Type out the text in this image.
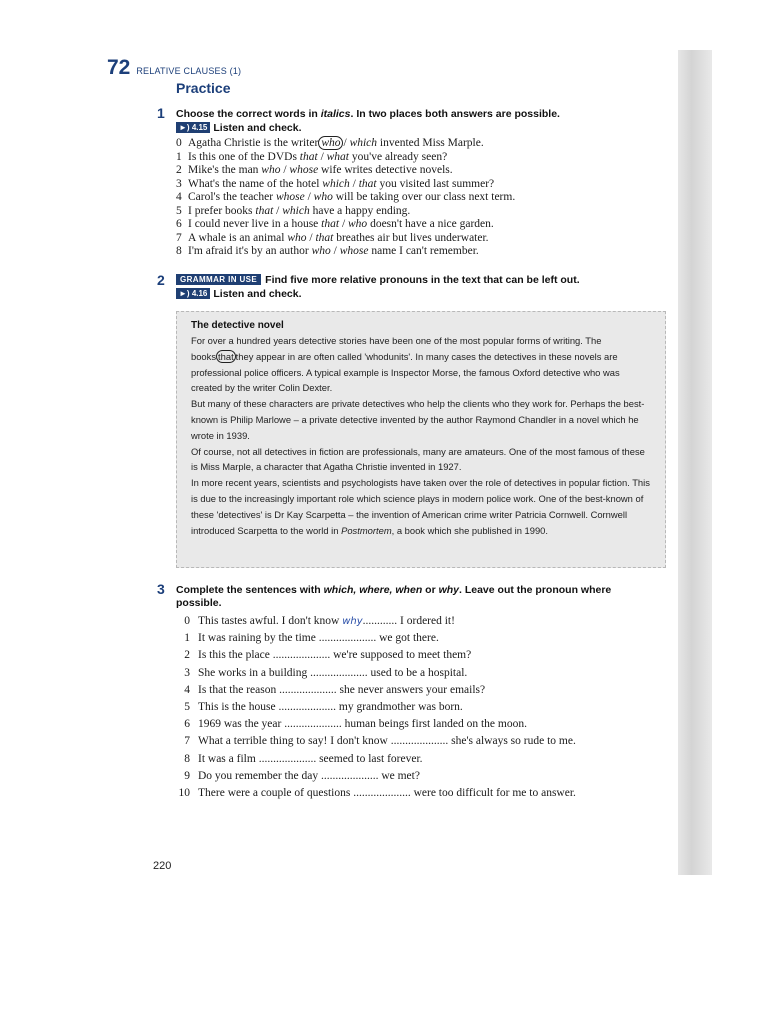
72 RELATIVE CLAUSES (1)
Practice
1 Choose the correct words in italics. In two places both answers are possible.
►) 4.15 Listen and check.
0 Agatha Christie is the writer who / which invented Miss Marple.
1 Is this one of the DVDs that / what you've already seen?
2 Mike's the man who / whose wife writes detective novels.
3 What's the name of the hotel which / that you visited last summer?
4 Carol's the teacher whose / who will be taking over our class next term.
5 I prefer books that / which have a happy ending.
6 I could never live in a house that / who doesn't have a nice garden.
7 A whale is an animal who / that breathes air but lives underwater.
8 I'm afraid it's by an author who / whose name I can't remember.
2	GRAMMAR IN USE Find five more relative pronouns in the text that can be left out.
►) 4.16 Listen and check.
The detective novel

For over a hundred years detective stories have been one of the most popular forms of writing. The books that they appear in are often called 'whodunits'. In many cases the detectives in these novels are professional police officers. A typical example is Inspector Morse, the famous Oxford detective who was created by the writer Colin Dexter.

But many of these characters are private detectives who help the clients who they work for. Perhaps the best-known is Philip Marlowe – a private detective invented by the author Raymond Chandler in a novel which he wrote in 1939.

Of course, not all detectives in fiction are professionals, many are amateurs. One of the most famous of these is Miss Marple, a character that Agatha Christie invented in 1927.

In more recent years, scientists and psychologists have taken over the role of detectives in popular fiction. This is due to the increasingly important role which science plays in modern police work. One of the best-known of these 'detectives' is Dr Kay Scarpetta – the invention of American crime writer Patricia Cornwell. Cornwell introduced Scarpetta to the world in Postmortem, a book which she published in 1990.

3 Complete the sentences with which, where, when or why. Leave out the pronoun where possible.
0 This tastes awful. I don't know why............ I ordered it!
1 It was raining by the time .................... we got there.
2 Is this the place .................... we're supposed to meet them?
3 She works in a building .................... used to be a hospital.
4 Is that the reason .................... she never answers your emails?
5 This is the house .................... my grandmother was born.
6 1969 was the year .................... human beings first landed on the moon.
7 What a terrible thing to say! I don't know .................... she's always so rude to me.
8 It was a film .................... seemed to last forever.
9 Do you remember the day .................... we met?
10 There were a couple of questions .................... were too difficult for me to answer.
220
